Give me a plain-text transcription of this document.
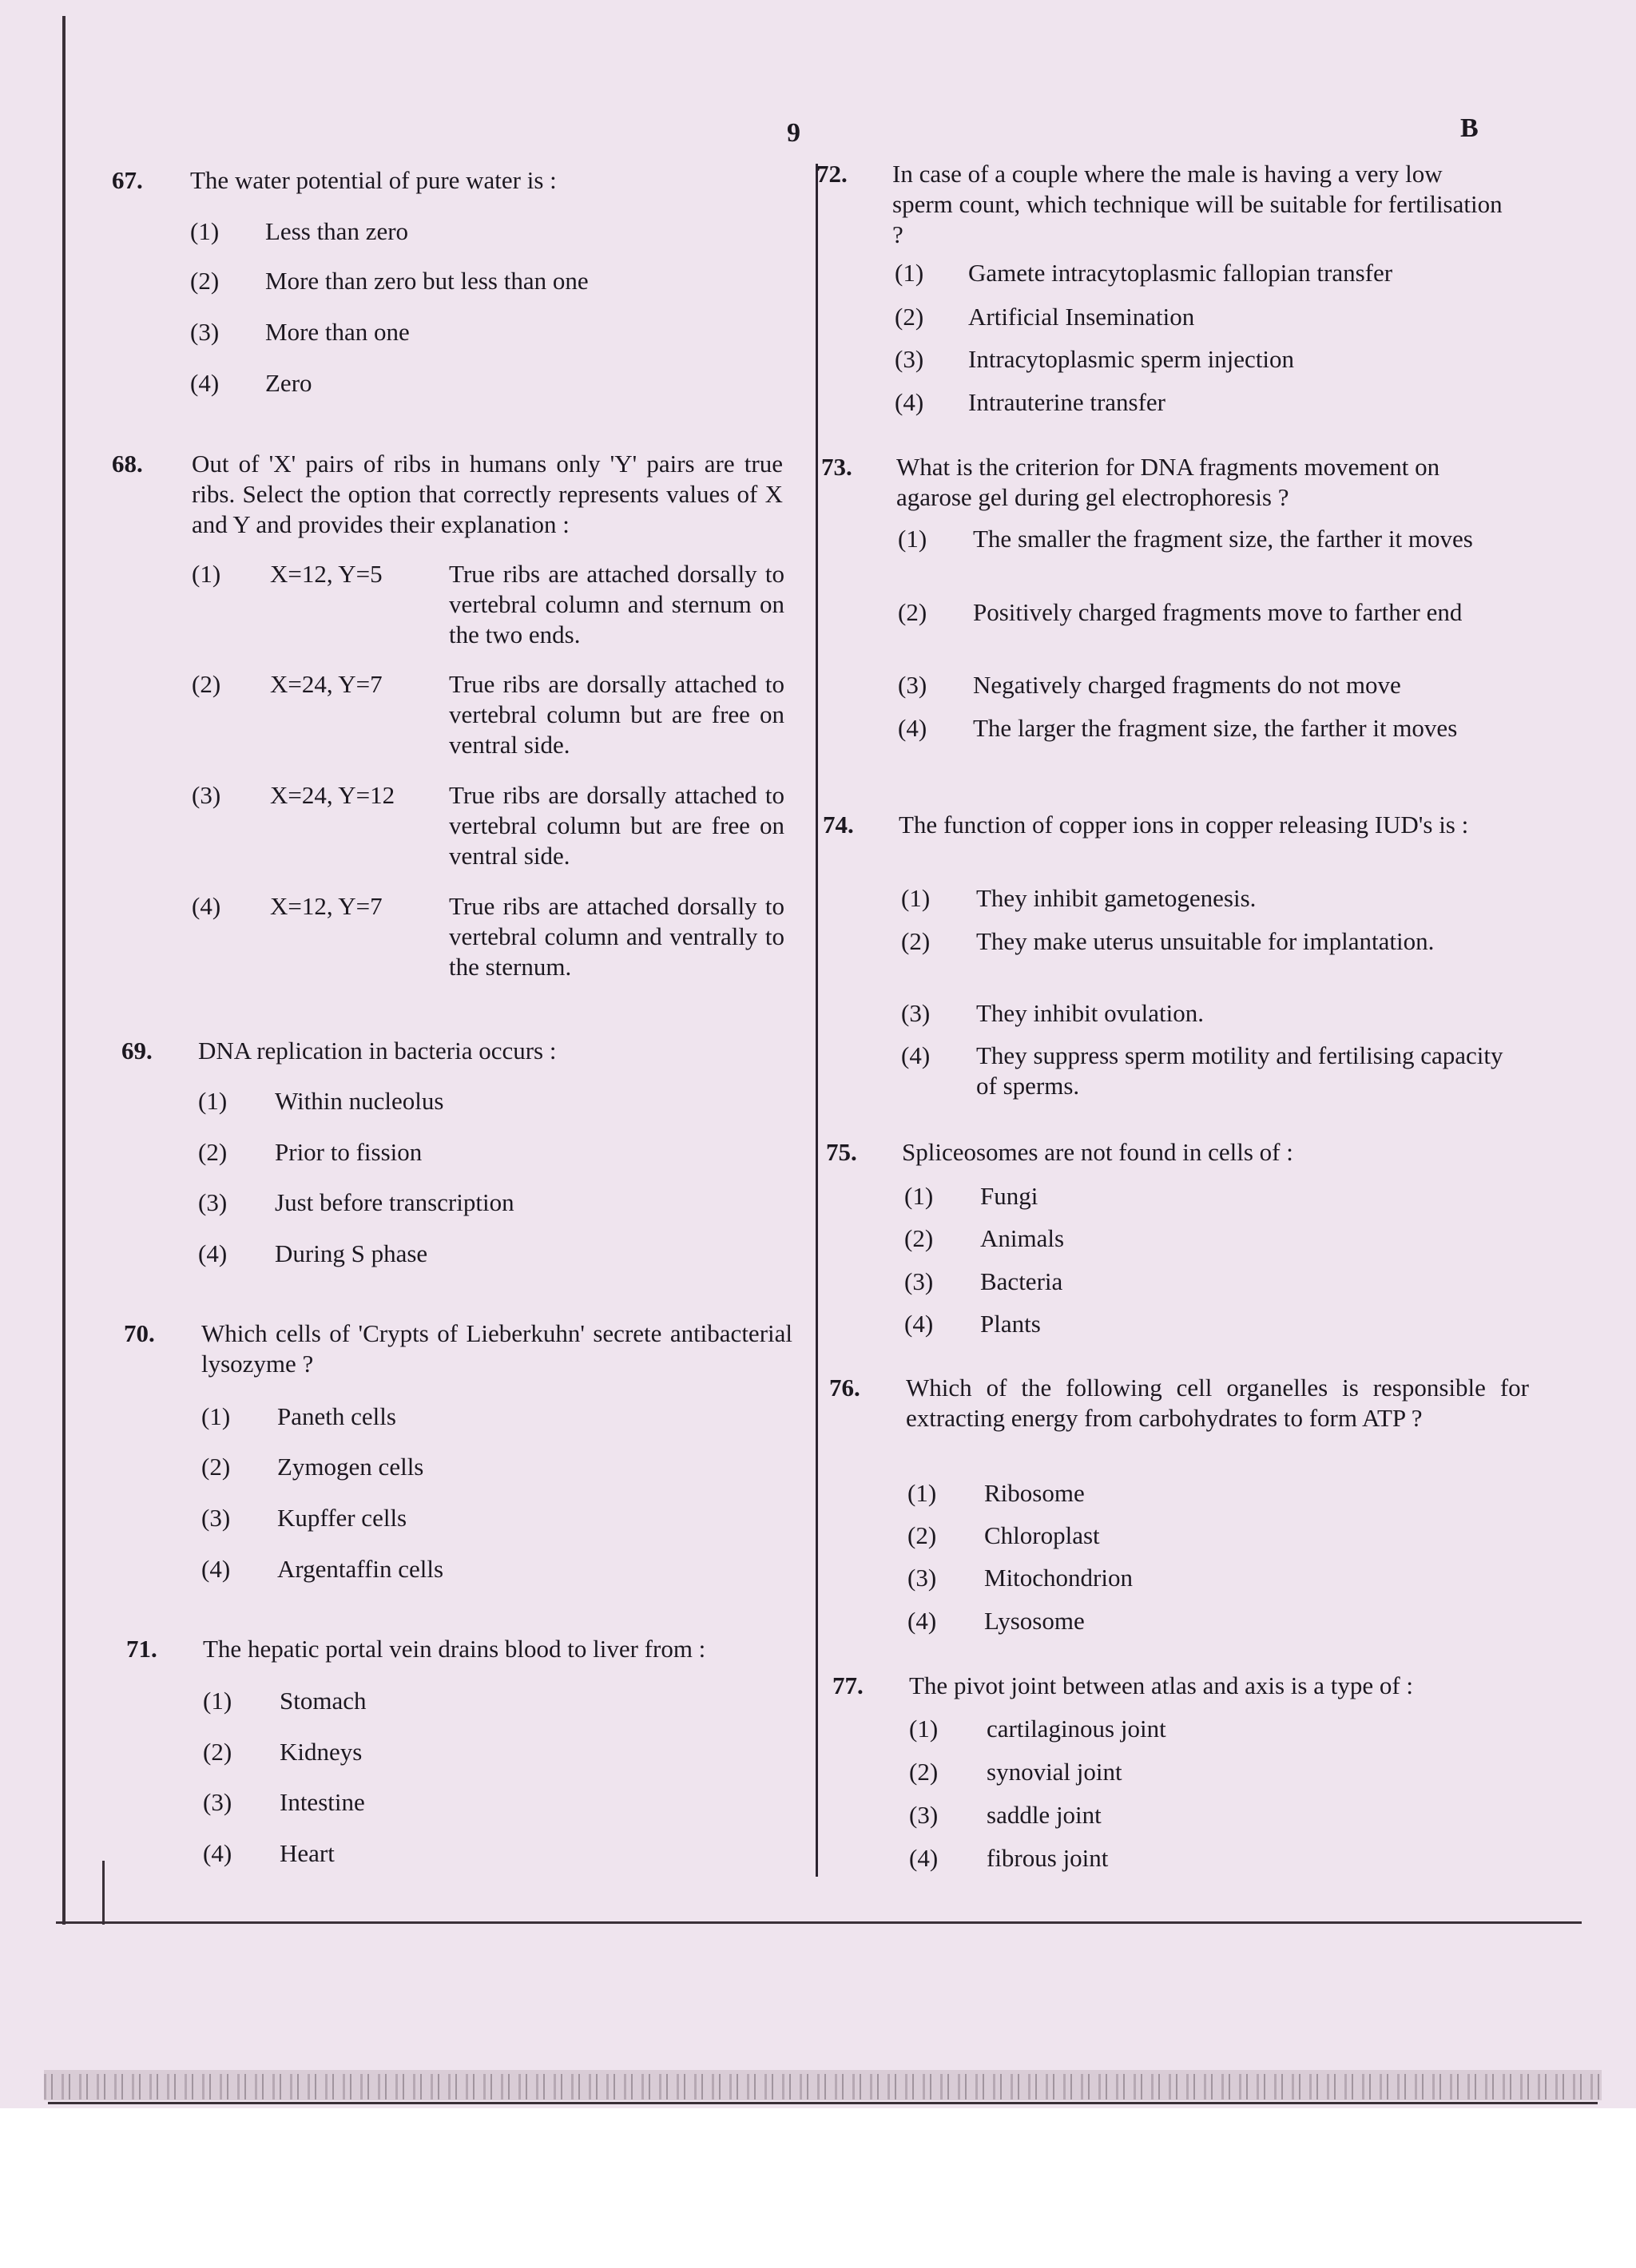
9	B
67. The water potential of pure water is :
(1) Less than zero
(2) More than zero but less than one
(3) More than one
(4) Zero
68. Out of 'X' pairs of ribs in humans only 'Y' pairs are true ribs. Select the option that correctly represents values of X and Y and provides their explanation :
(1) X=12, Y=5	True ribs are attached dorsally to vertebral column and sternum on the two ends.
(2) X=24, Y=7	True ribs are dorsally attached to vertebral column but are free on ventral side.
(3) X=24, Y=12 True ribs are dorsally attached to vertebral column but are free on ventral side.
(4) X=12, Y=7	True ribs are attached dorsally to vertebral column and ventrally to the sternum.
69. DNA replication in bacteria occurs :
(1) Within nucleolus
(2) Prior to fission
(3) Just before transcription
(4) During S phase
70. Which cells of 'Crypts of Lieberkuhn' secrete antibacterial lysozyme ?
(1) Paneth cells
(2) Zymogen cells
(3) Kupffer cells
(4) Argentaffin cells
71. The hepatic portal vein drains blood to liver from :
(1) Stomach
(2) Kidneys
(3) Intestine
(4) Heart
72. In case of a couple where the male is having a very low sperm count, which technique will be suitable for fertilisation ?
(1) Gamete intracytoplasmic fallopian transfer
(2) Artificial Insemination
(3) Intracytoplasmic sperm injection
(4) Intrauterine transfer
73. What is the criterion for DNA fragments movement on agarose gel during gel electrophoresis ?
(1) The smaller the fragment size, the farther it moves
(2) Positively charged fragments move to farther end
(3) Negatively charged fragments do not move
(4) The larger the fragment size, the farther it moves
74. The function of copper ions in copper releasing IUD's is :
(1) They inhibit gametogenesis.
(2) They make uterus unsuitable for implantation.
(3) They inhibit ovulation.
(4) They suppress sperm motility and fertilising capacity of sperms.
75. Spliceosomes are not found in cells of :
(1) Fungi
(2) Animals
(3) Bacteria
(4) Plants
76. Which of the following cell organelles is responsible for extracting energy from carbohydrates to form ATP ?
(1) Ribosome
(2) Chloroplast
(3) Mitochondrion
(4) Lysosome
77. The pivot joint between atlas and axis is a type of :
(1) cartilaginous joint
(2) synovial joint
(3) saddle joint
(4) fibrous joint
